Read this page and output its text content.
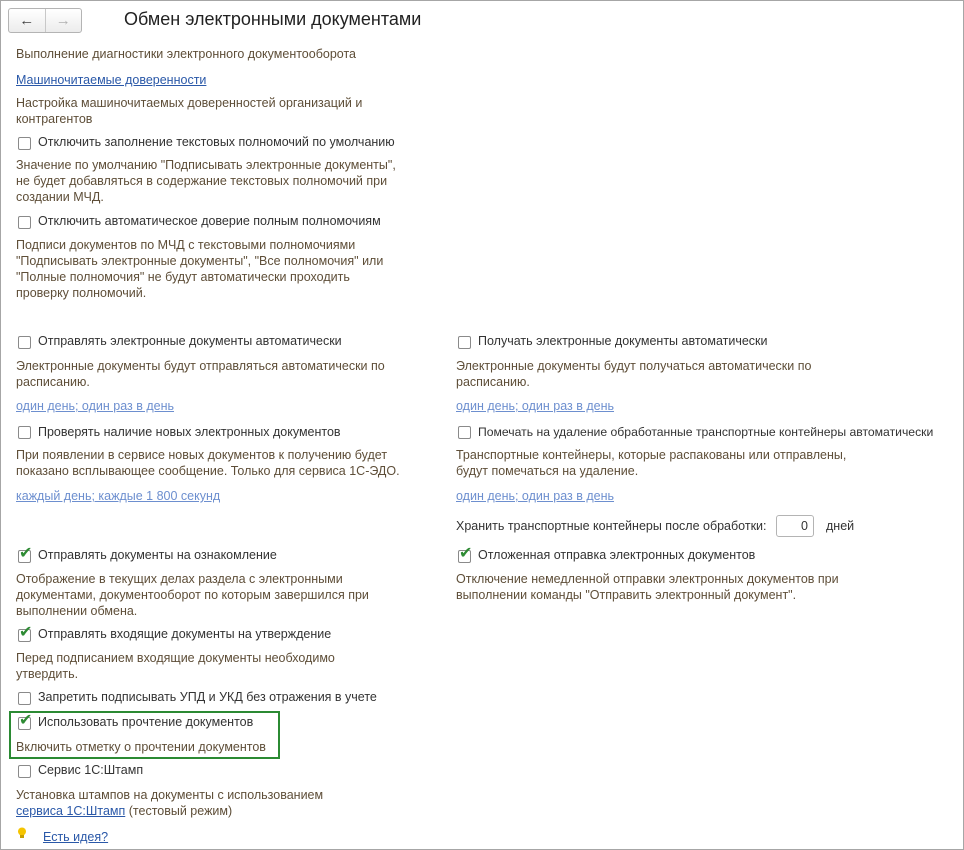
←	→	Обмен электронными документами
Выполнение диагностики электронного документооборота
Машиночитаемые доверенности
Настройка машиночитаемых доверенностей организаций и
контрагентов
Отключить заполнение текстовых полномочий по умолчанию
Значение по умолчанию "Подписывать электронные документы",
не будет добавляться в содержание текстовых полномочий при
создании МЧД.
Отключить автоматическое доверие полным полномочиям
Подписи документов по МЧД с текстовыми полномочиями
"Подписывать электронные документы", "Все полномочия" или
"Полные полномочия" не будут автоматически проходить
проверку полномочий.
Отправлять электронные документы автоматически
Электронные документы будут отправляться автоматически по
расписанию.
один день; один раз в день
Получать электронные документы автоматически
Электронные документы будут получаться автоматически по
расписанию.
один день; один раз в день
Проверять наличие новых электронных документов
При появлении в сервисе новых документов к получению будет
показано всплывающее сообщение. Только для сервиса 1С-ЭДО.
каждый день; каждые 1 800 секунд
Помечать на удаление обработанные транспортные контейнеры автоматически
Транспортные контейнеры, которые распакованы или отправлены,
будут помечаться на удаление.
один день; один раз в день
Хранить транспортные контейнеры после обработки:	0	дней
✔ Отправлять документы на ознакомление
Отображение в текущих делах раздела с электронными
документами, документооборот по которым завершился при
выполнении обмена.
✔ Отложенная отправка электронных документов
Отключение немедленной отправки электронных документов при
выполнении команды "Отправить электронный документ".
✔ Отправлять входящие документы на утверждение
Перед подписанием входящие документы необходимо
утвердить.
Запретить подписывать УПД и УКД без отражения в учете
✔ Использовать прочтение документов
Включить отметку о прочтении документов
Сервис 1С:Штамп
Установка штампов на документы с использованием
сервиса 1С:Штамп (тестовый режим)
Есть идея?
